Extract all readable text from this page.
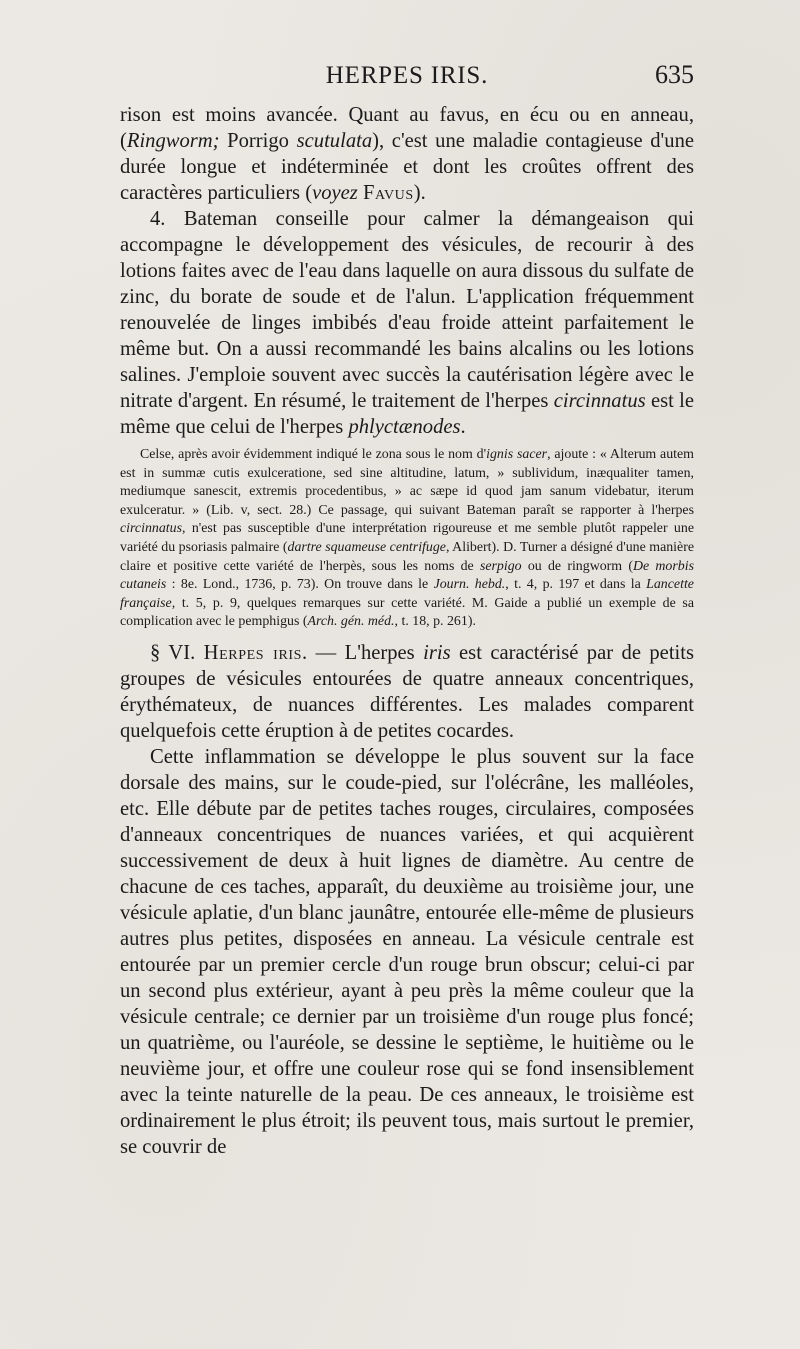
HERPES IRIS.	635

rison est moins avancée. Quant au favus, en écu ou en anneau, (Ringworm; Porrigo scutulata), c'est une maladie contagieuse d'une durée longue et indéterminée et dont les croûtes offrent des caractères particuliers (voyez Favus).

4. Bateman conseille pour calmer la démangeaison qui accompagne le développement des vésicules, de recourir à des lotions faites avec de l'eau dans laquelle on aura dissous du sulfate de zinc, du borate de soude et de l'alun. L'application fréquemment renouvelée de linges imbibés d'eau froide atteint parfaitement le même but. On a aussi recommandé les bains alcalins ou les lotions salines. J'emploie souvent avec succès la cautérisation légère avec le nitrate d'argent. En résumé, le traitement de l'herpes circinnatus est le même que celui de l'herpes phlyctænodes.

Celse, après avoir évidemment indiqué le zona sous le nom d'ignis sacer, ajoute : « Alterum autem est in summæ cutis exulceratione, sed sine altitudine, latum, » sublividum, inæqualiter tamen, mediumque sanescit, extremis procedentibus, » ac sæpe id quod jam sanum videbatur, iterum exulceratur. » (Lib. v, sect. 28.) Ce passage, qui suivant Bateman paraît se rapporter à l'herpes circinnatus, n'est pas susceptible d'une interprétation rigoureuse et me semble plutôt rappeler une variété du psoriasis palmaire (dartre squameuse centrifuge, Alibert). D. Turner a désigné d'une manière claire et positive cette variété de l'herpès, sous les noms de serpigo ou de ringworm (De morbis cutaneis : 8e. Lond., 1736, p. 73). On trouve dans le Journ. hebd., t. 4, p. 197 et dans la Lancette française, t. 5, p. 9, quelques remarques sur cette variété. M. Gaide a publié un exemple de sa complication avec le pemphigus (Arch. gén. méd., t. 18, p. 261).

§ VI. Herpes iris. — L'herpes iris est caractérisé par de petits groupes de vésicules entourées de quatre anneaux concentriques, érythémateux, de nuances différentes. Les malades comparent quelquefois cette éruption à de petites cocardes.

Cette inflammation se développe le plus souvent sur la face dorsale des mains, sur le coude-pied, sur l'olécrâne, les malléoles, etc. Elle débute par de petites taches rouges, circulaires, composées d'anneaux concentriques de nuances variées, et qui acquièrent successivement de deux à huit lignes de diamètre. Au centre de chacune de ces taches, apparaît, du deuxième au troisième jour, une vésicule aplatie, d'un blanc jaunâtre, entourée elle-même de plusieurs autres plus petites, disposées en anneau. La vésicule centrale est entourée par un premier cercle d'un rouge brun obscur; celui-ci par un second plus extérieur, ayant à peu près la même couleur que la vésicule centrale; ce dernier par un troisième d'un rouge plus foncé; un quatrième, ou l'auréole, se dessine le septième, le huitième ou le neuvième jour, et offre une couleur rose qui se fond insensiblement avec la teinte naturelle de la peau. De ces anneaux, le troisième est ordinairement le plus étroit; ils peuvent tous, mais surtout le premier, se couvrir de
